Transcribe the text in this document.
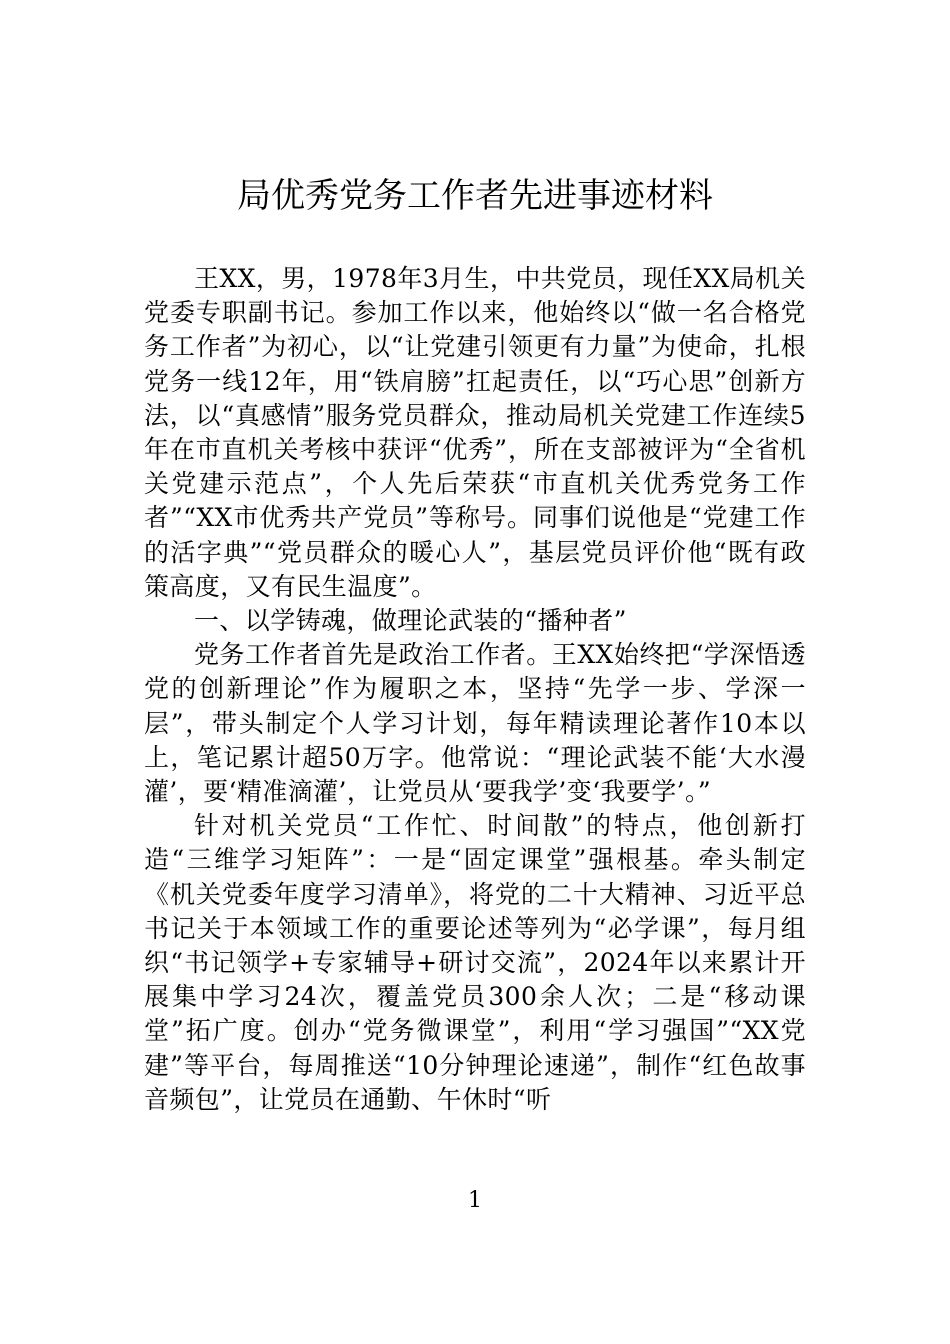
局优秀党务工作者先进事迹材料

王XX，男，1978年3月生，中共党员，现任XX局机关党委专职副书记。参加工作以来，他始终以“做一名合格党务工作者”为初心，以“让党建引领更有力量”为使命，扎根党务一线12年，用“铁肩膀”扛起责任，以“巧心思”创新方法，以“真感情”服务党员群众，推动局机关党建工作连续5年在市直机关考核中获评“优秀”，所在支部被评为“全省机关党建示范点”，个人先后荣获“市直机关优秀党务工作者”“XX市优秀共产党员”等称号。同事们说他是“党建工作的活字典”“党员群众的暖心人”，基层党员评价他“既有政策高度，又有民生温度”。

一、以学铸魂，做理论武装的“播种者”

党务工作者首先是政治工作者。王XX始终把“学深悟透党的创新理论”作为履职之本，坚持“先学一步、学深一层”，带头制定个人学习计划，每年精读理论著作10本以上，笔记累计超50万字。他常说：“理论武装不能‘大水漫灌’，要‘精准滴灌’，让党员从‘要我学’变‘我要学’。”

针对机关党员“工作忙、时间散”的特点，他创新打造“三维学习矩阵”：一是“固定课堂”强根基。牵头制定《机关党委年度学习清单》，将党的二十大精神、习近平总书记关于本领域工作的重要论述等列为“必学课”，每月组织“书记领学+专家辅导+研讨交流”，2024年以来累计开展集中学习24次，覆盖党员300余人次；二是“移动课堂”拓广度。创办“党务微课堂”，利用“学习强国”“XX党建”等平台，每周推送“10分钟理论速递”，制作“红色故事音频包”，让党员在通勤、午休时“听

1
